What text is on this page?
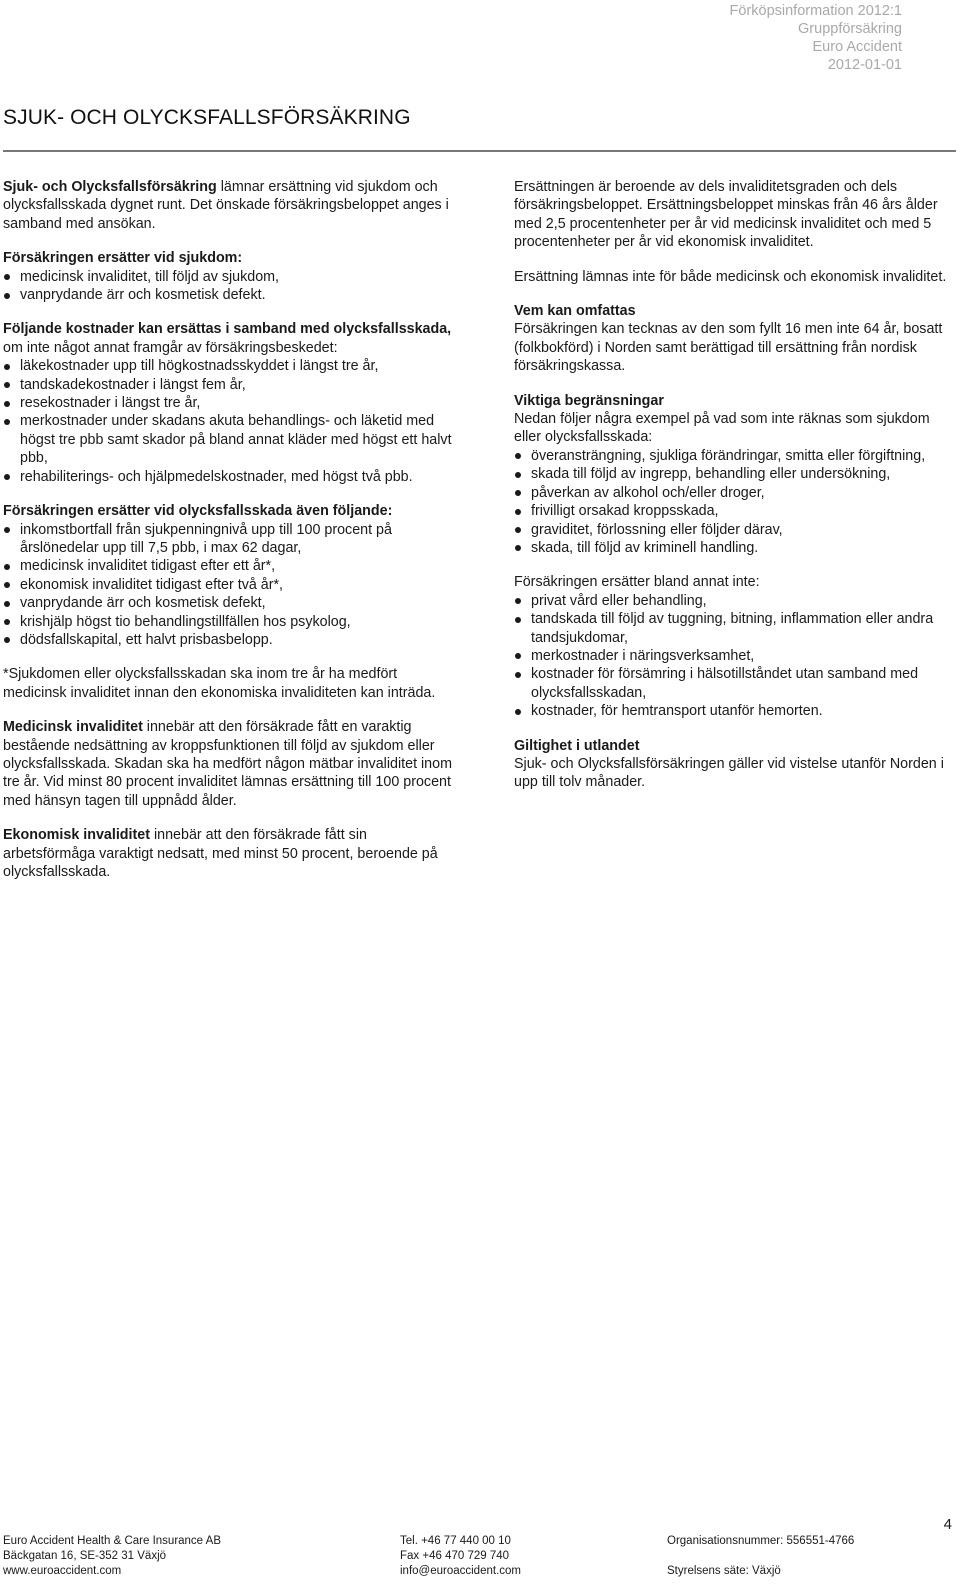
Förköpsinformation 2012:1
Gruppförsäkring
Euro Accident
2012-01-01
SJUK- OCH OLYCKSFALLSFÖRSÄKRING

Sjuk- och Olycksfallsförsäkring lämnar ersättning vid sjukdom och olycksfallsskada dygnet runt. Det önskade försäkringsbeloppet anges i samband med ansökan.

Försäkringen ersätter vid sjukdom:

medicinsk invaliditet, till följd av sjukdom,
vanprydande ärr och kosmetisk defekt.

Följande kostnader kan ersättas i samband med olycksfallsskada, om inte något annat framgår av försäkringsbeskedet:

läkekostnader upp till högkostnadsskyddet i längst tre år,
tandskadekostnader i längst fem år,
resekostnader i längst tre år,
merkostnader under skadans akuta behandlings- och läketid med högst tre pbb samt skador på bland annat kläder med högst ett halvt pbb,
rehabiliterings- och hjälpmedelskostnader, med högst två pbb.

Försäkringen ersätter vid olycksfallsskada även följande:

inkomstbortfall från sjukpenningnivå upp till 100 procent på årslönedelar upp till 7,5 pbb, i max 62 dagar,
medicinsk invaliditet tidigast efter ett år*,
ekonomisk invaliditet tidigast efter två år*,
vanprydande ärr och kosmetisk defekt,
krishjälp högst tio behandlingstillfällen hos psykolog,
dödsfallskapital, ett halvt prisbasbelopp.

*Sjukdomen eller olycksfallsskadan ska inom tre år ha medfört medicinsk invaliditet innan den ekonomiska invaliditeten kan inträda.

Medicinsk invaliditet innebär att den försäkrade fått en varaktig bestående nedsättning av kroppsfunktionen till följd av sjukdom eller olycksfallsskada. Skadan ska ha medfört någon mätbar invaliditet inom tre år. Vid minst 80 procent invaliditet lämnas ersättning till 100 procent med hänsyn tagen till uppnådd ålder.

Ekonomisk invaliditet innebär att den försäkrade fått sin arbetsförmåga varaktigt nedsatt, med minst 50 procent, beroende på olycksfallsskada.

Ersättningen är beroende av dels invaliditetsgraden och dels försäkringsbeloppet. Ersättningsbeloppet minskas från 46 års ålder med 2,5 procentenheter per år vid medicinsk invaliditet och med 5 procentenheter per år vid ekonomisk invaliditet.

Ersättning lämnas inte för både medicinsk och ekonomisk invaliditet.

Vem kan omfattas
Försäkringen kan tecknas av den som fyllt 16 men inte 64 år, bosatt (folkbokförd) i Norden samt berättigad till ersättning från nordisk försäkringskassa.

Viktiga begränsningar
Nedan följer några exempel på vad som inte räknas som sjukdom eller olycksfallsskada:

överansträngning, sjukliga förändringar, smitta eller förgiftning,
skada till följd av ingrepp, behandling eller undersökning,
påverkan av alkohol och/eller droger,
frivilligt orsakad kroppsskada,
graviditet, förlossning eller följder därav,
skada, till följd av kriminell handling.

Försäkringen ersätter bland annat inte:

privat vård eller behandling,
tandskada till följd av tuggning, bitning, inflammation eller andra tandsjukdomar,
merkostnader i näringsverksamhet,
kostnader för försämring i hälsotillståndet utan samband med olycksfallsskadan,
kostnader, för hemtransport utanför hemorten.

Giltighet i utlandet
Sjuk- och Olycksfallsförsäkringen gäller vid vistelse utanför Norden i upp till tolv månader.

4
Euro Accident Health & Care Insurance AB
Bäckgatan 16, SE-352 31 Växjö
www.euroaccident.com
Tel. +46 77 440 00 10
Fax +46 470 729 740
info@euroaccident.com
Organisationsnummer: 556551-4766

Styrelsens säte: Växjö
